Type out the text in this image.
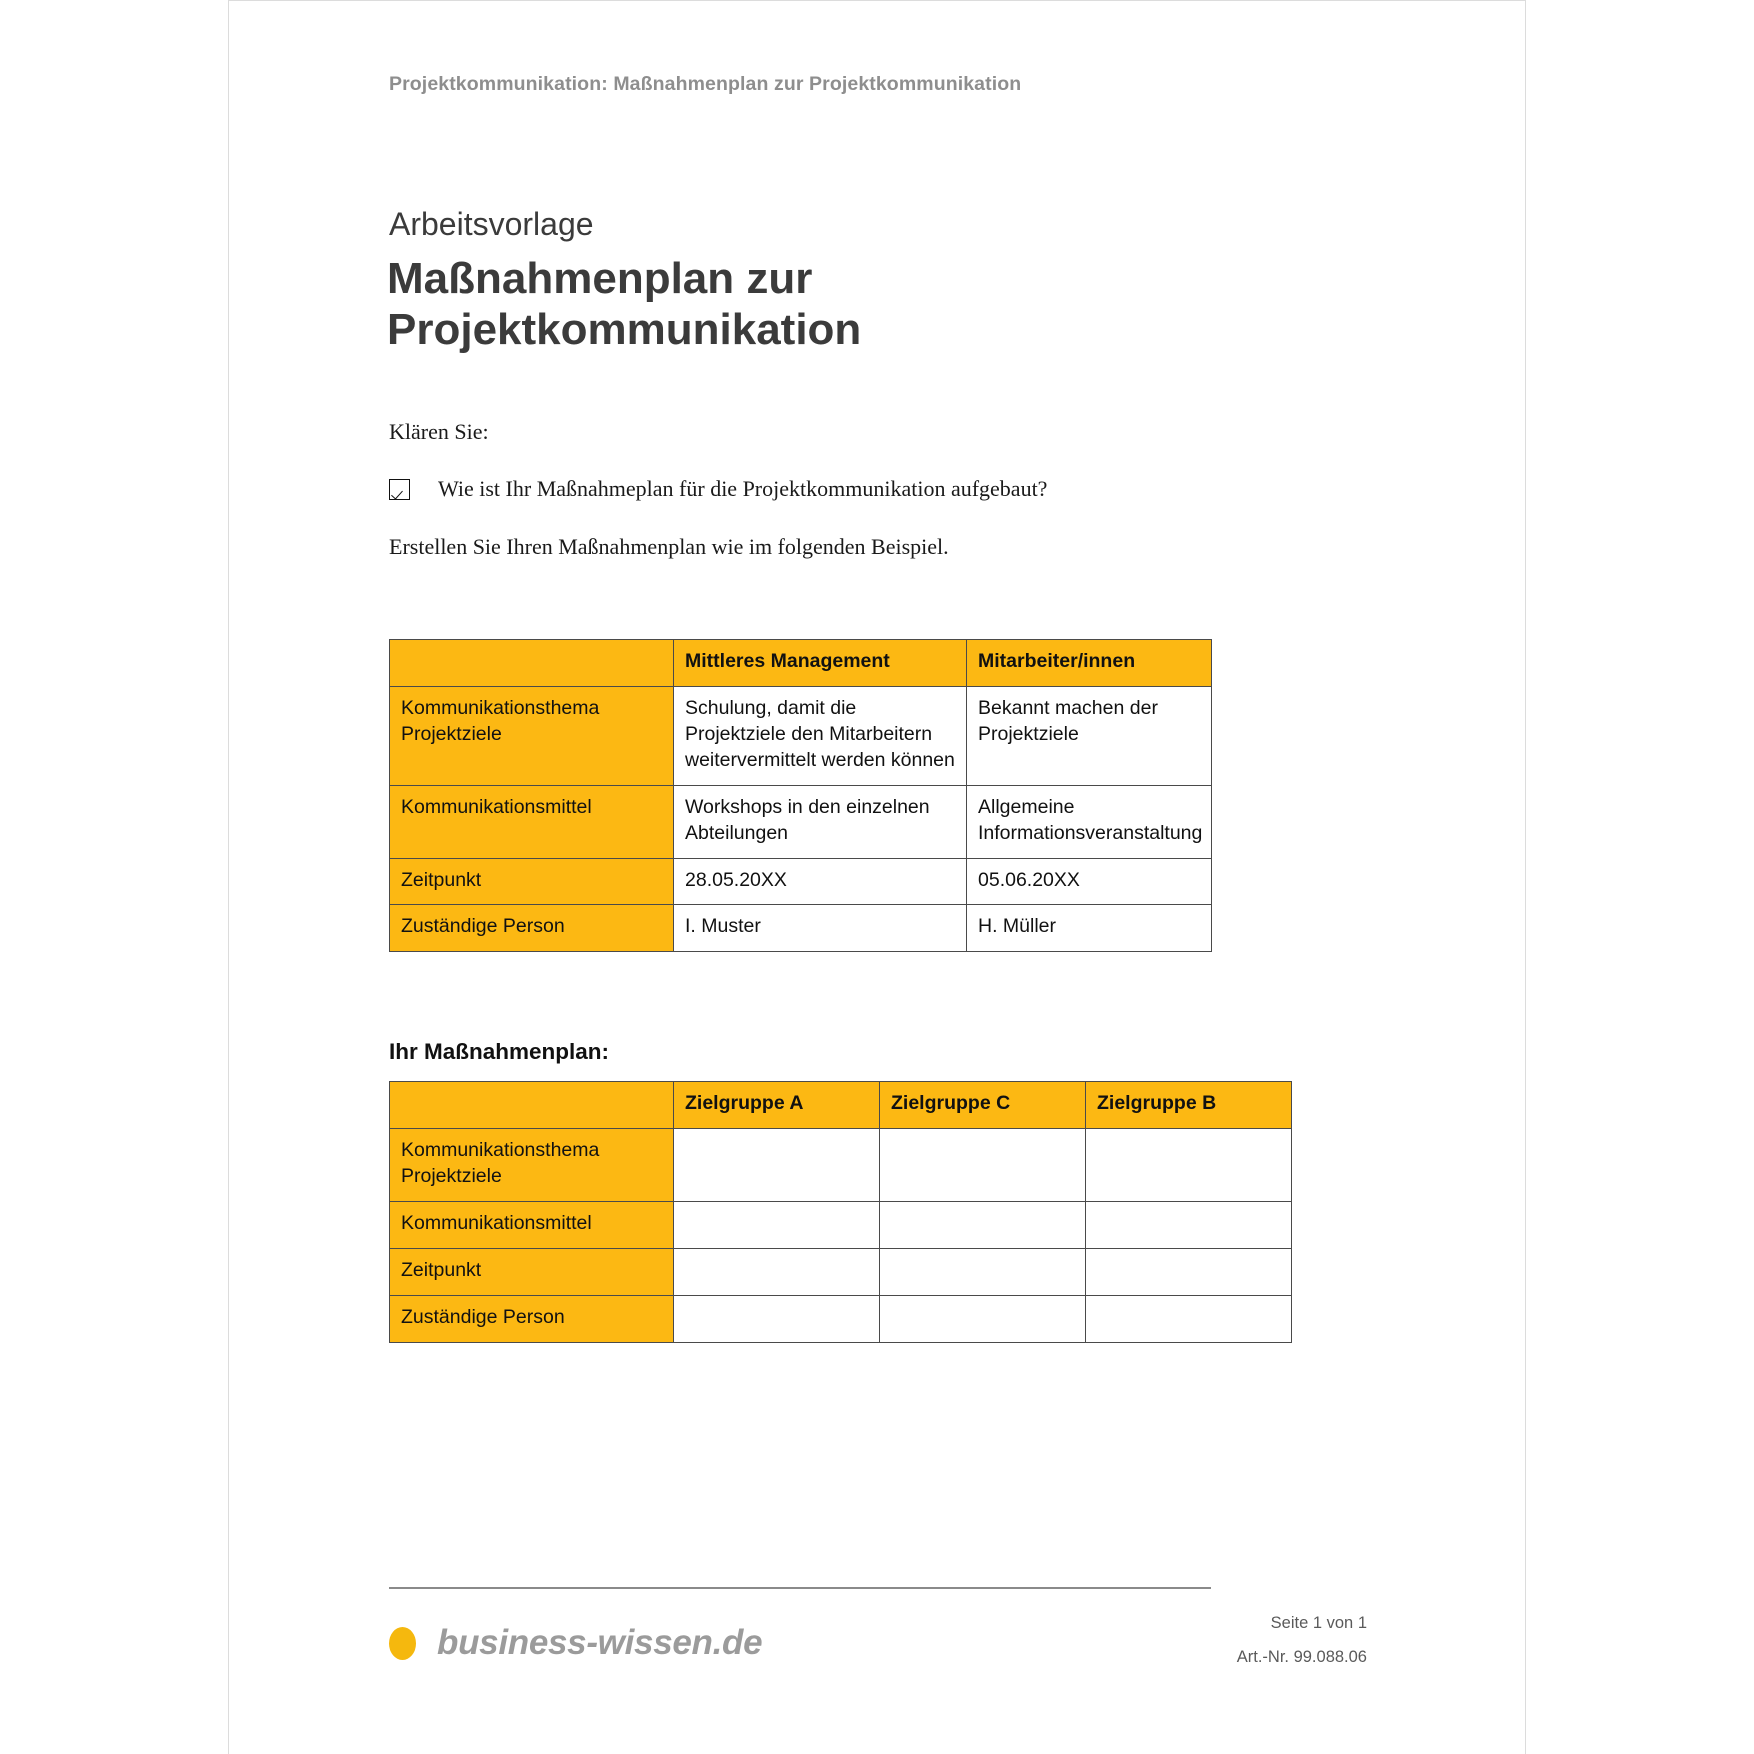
Projektkommunikation: Maßnahmenplan zur Projektkommunikation
Arbeitsvorlage
Maßnahmenplan zur
Projektkommunikation
Klären Sie:
Wie ist Ihr Maßnahmeplan für die Projektkommunikation aufgebaut?
Erstellen Sie Ihren Maßnahmenplan wie im folgenden Beispiel.
	Mittleres Management	Mitarbeiter/innen
Kommunikationsthema Projektziele	Schulung, damit die Projektziele den Mitarbeitern weitervermittelt werden können	Bekannt machen der Projektziele
Kommunikationsmittel	Workshops in den einzelnen Abteilungen	Allgemeine Informationsveranstaltung
Zeitpunkt	28.05.20XX	05.06.20XX
Zuständige Person	I. Muster	H. Müller
Ihr Maßnahmenplan:
	Zielgruppe A	Zielgruppe C	Zielgruppe B
Kommunikationsthema Projektziele			
Kommunikationsmittel			
Zeitpunkt			
Zuständige Person			
business-wissen.de	Seite 1 von 1
Art.-Nr. 99.088.06
